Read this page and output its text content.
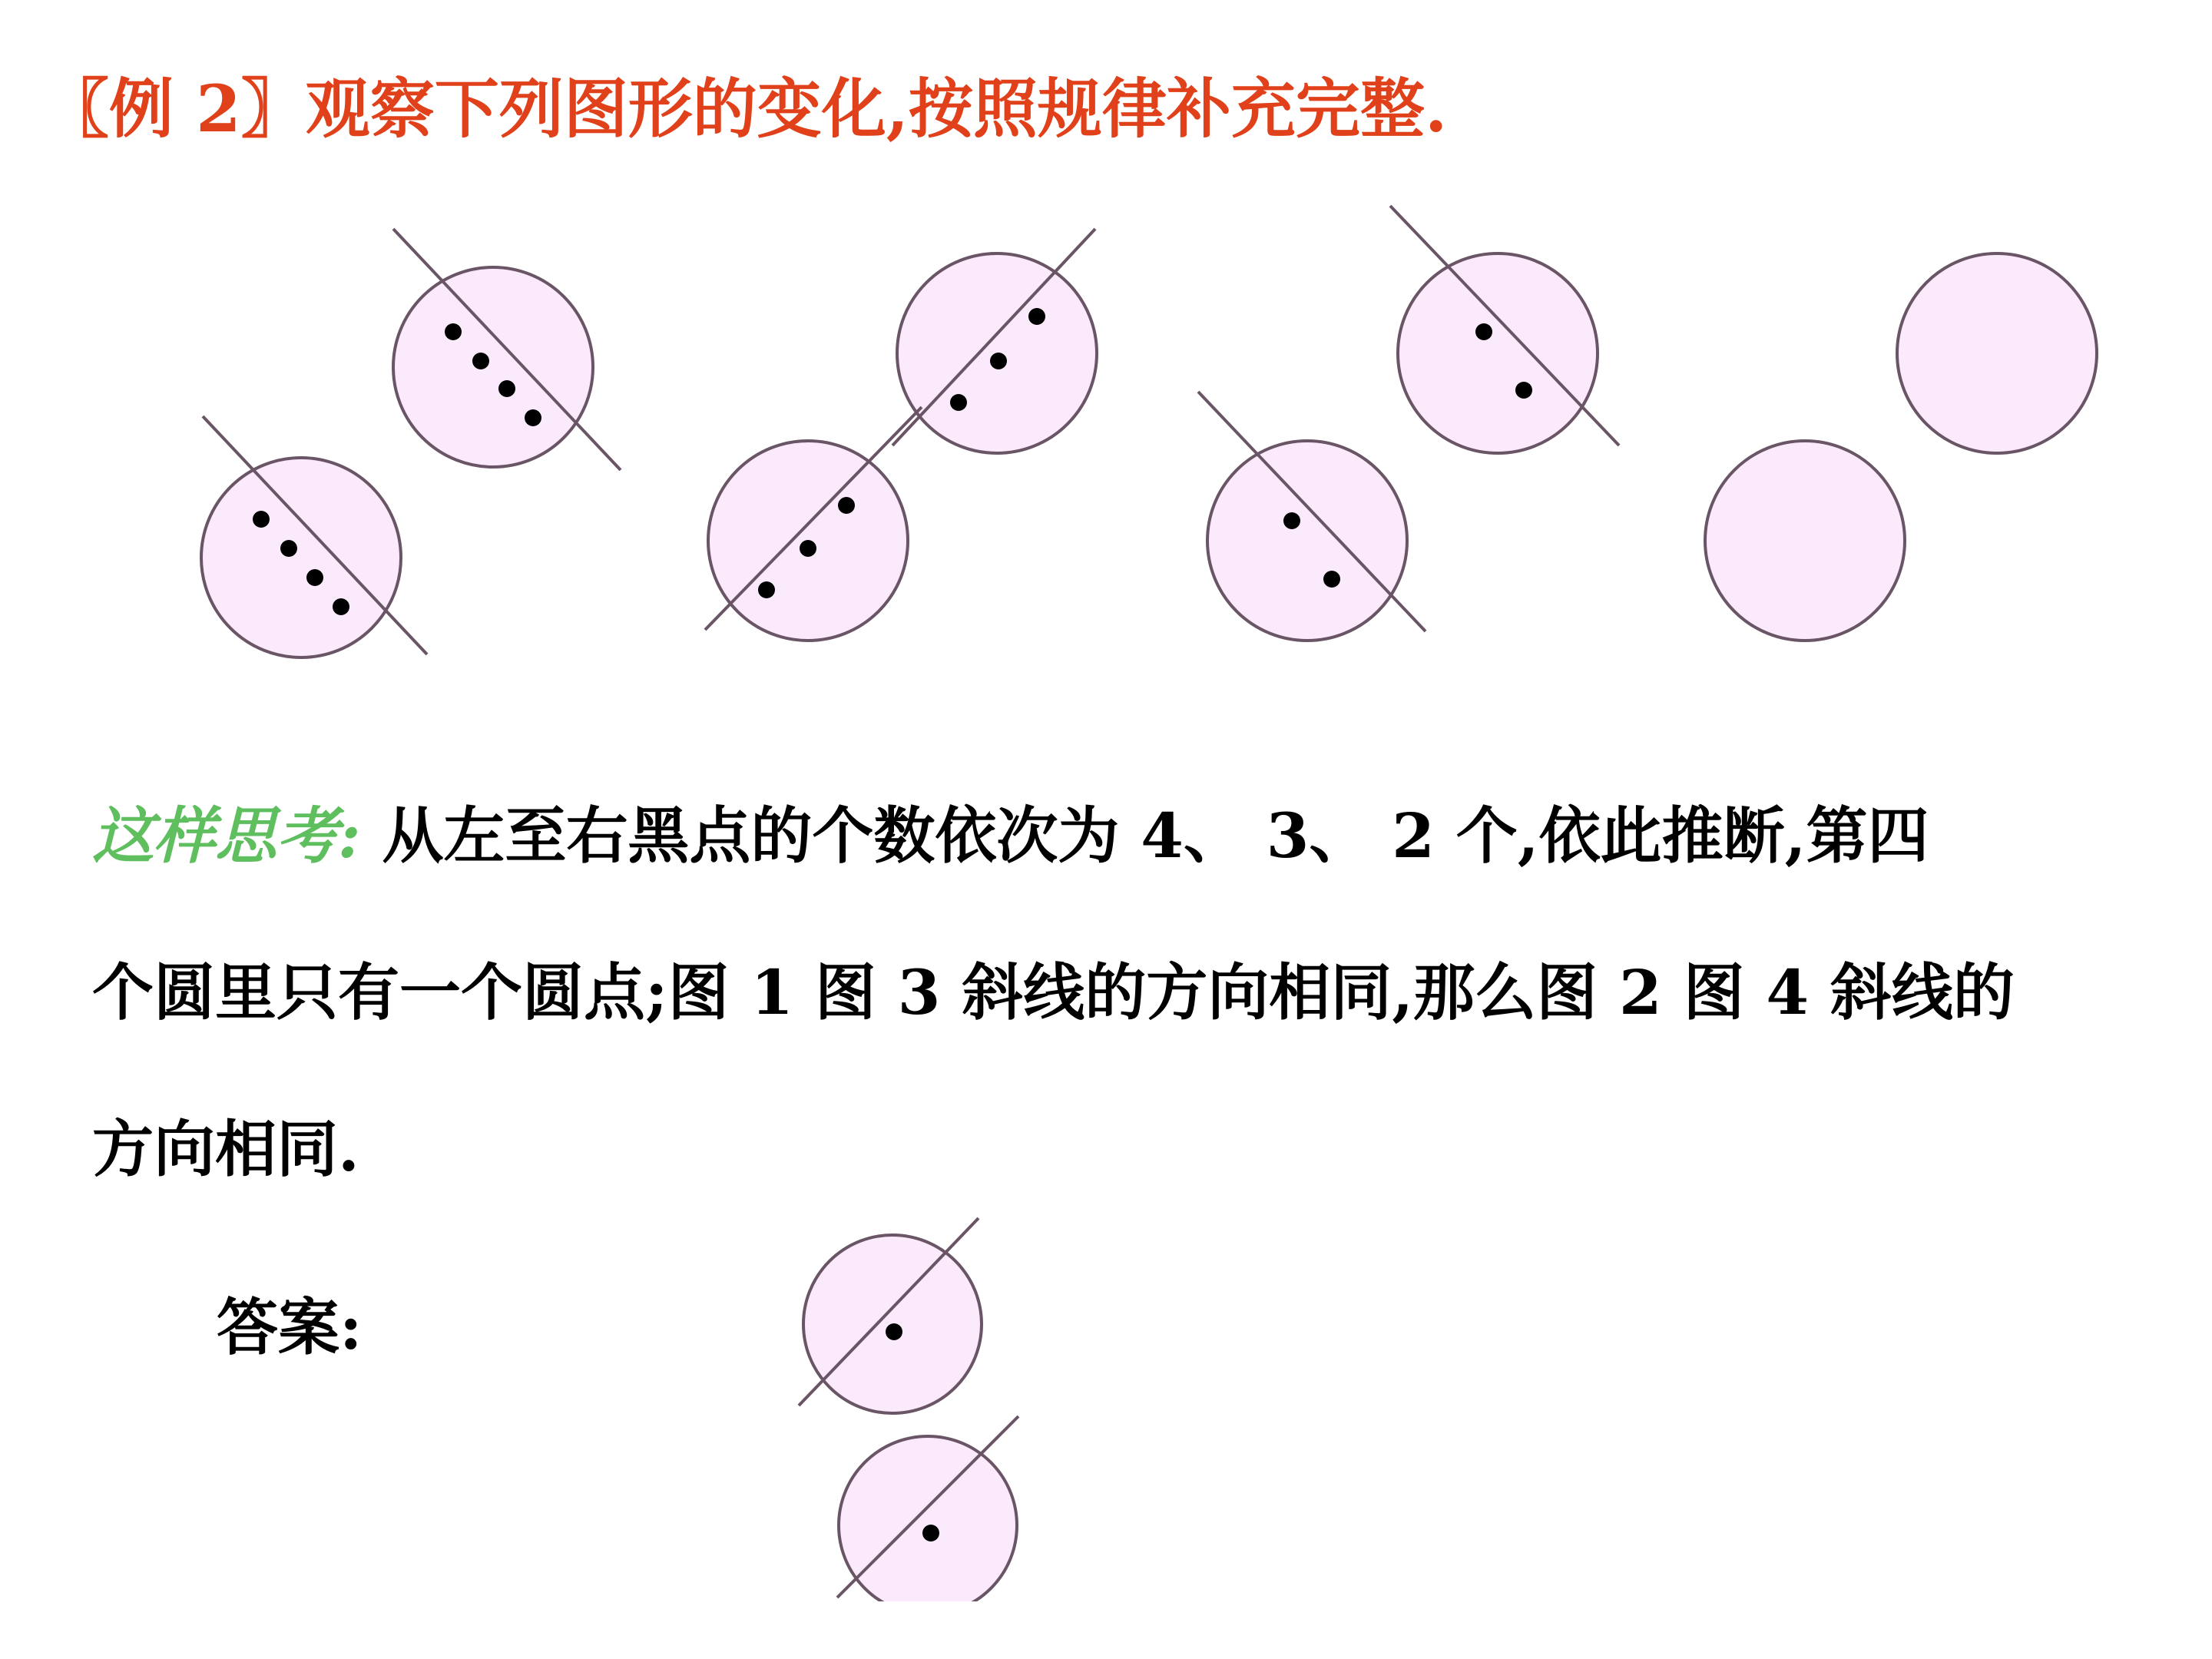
〖例 2〗观察下列图形的变化,按照规律补充完整.
这样思考: 从左至右黑点的个数依次为 4、 3、 2 个,依此推断,第四
个圆里只有一个圆点;图 1 图 3 斜线的方向相同,那么图 2 图 4 斜线的
方向相同.
答案:
